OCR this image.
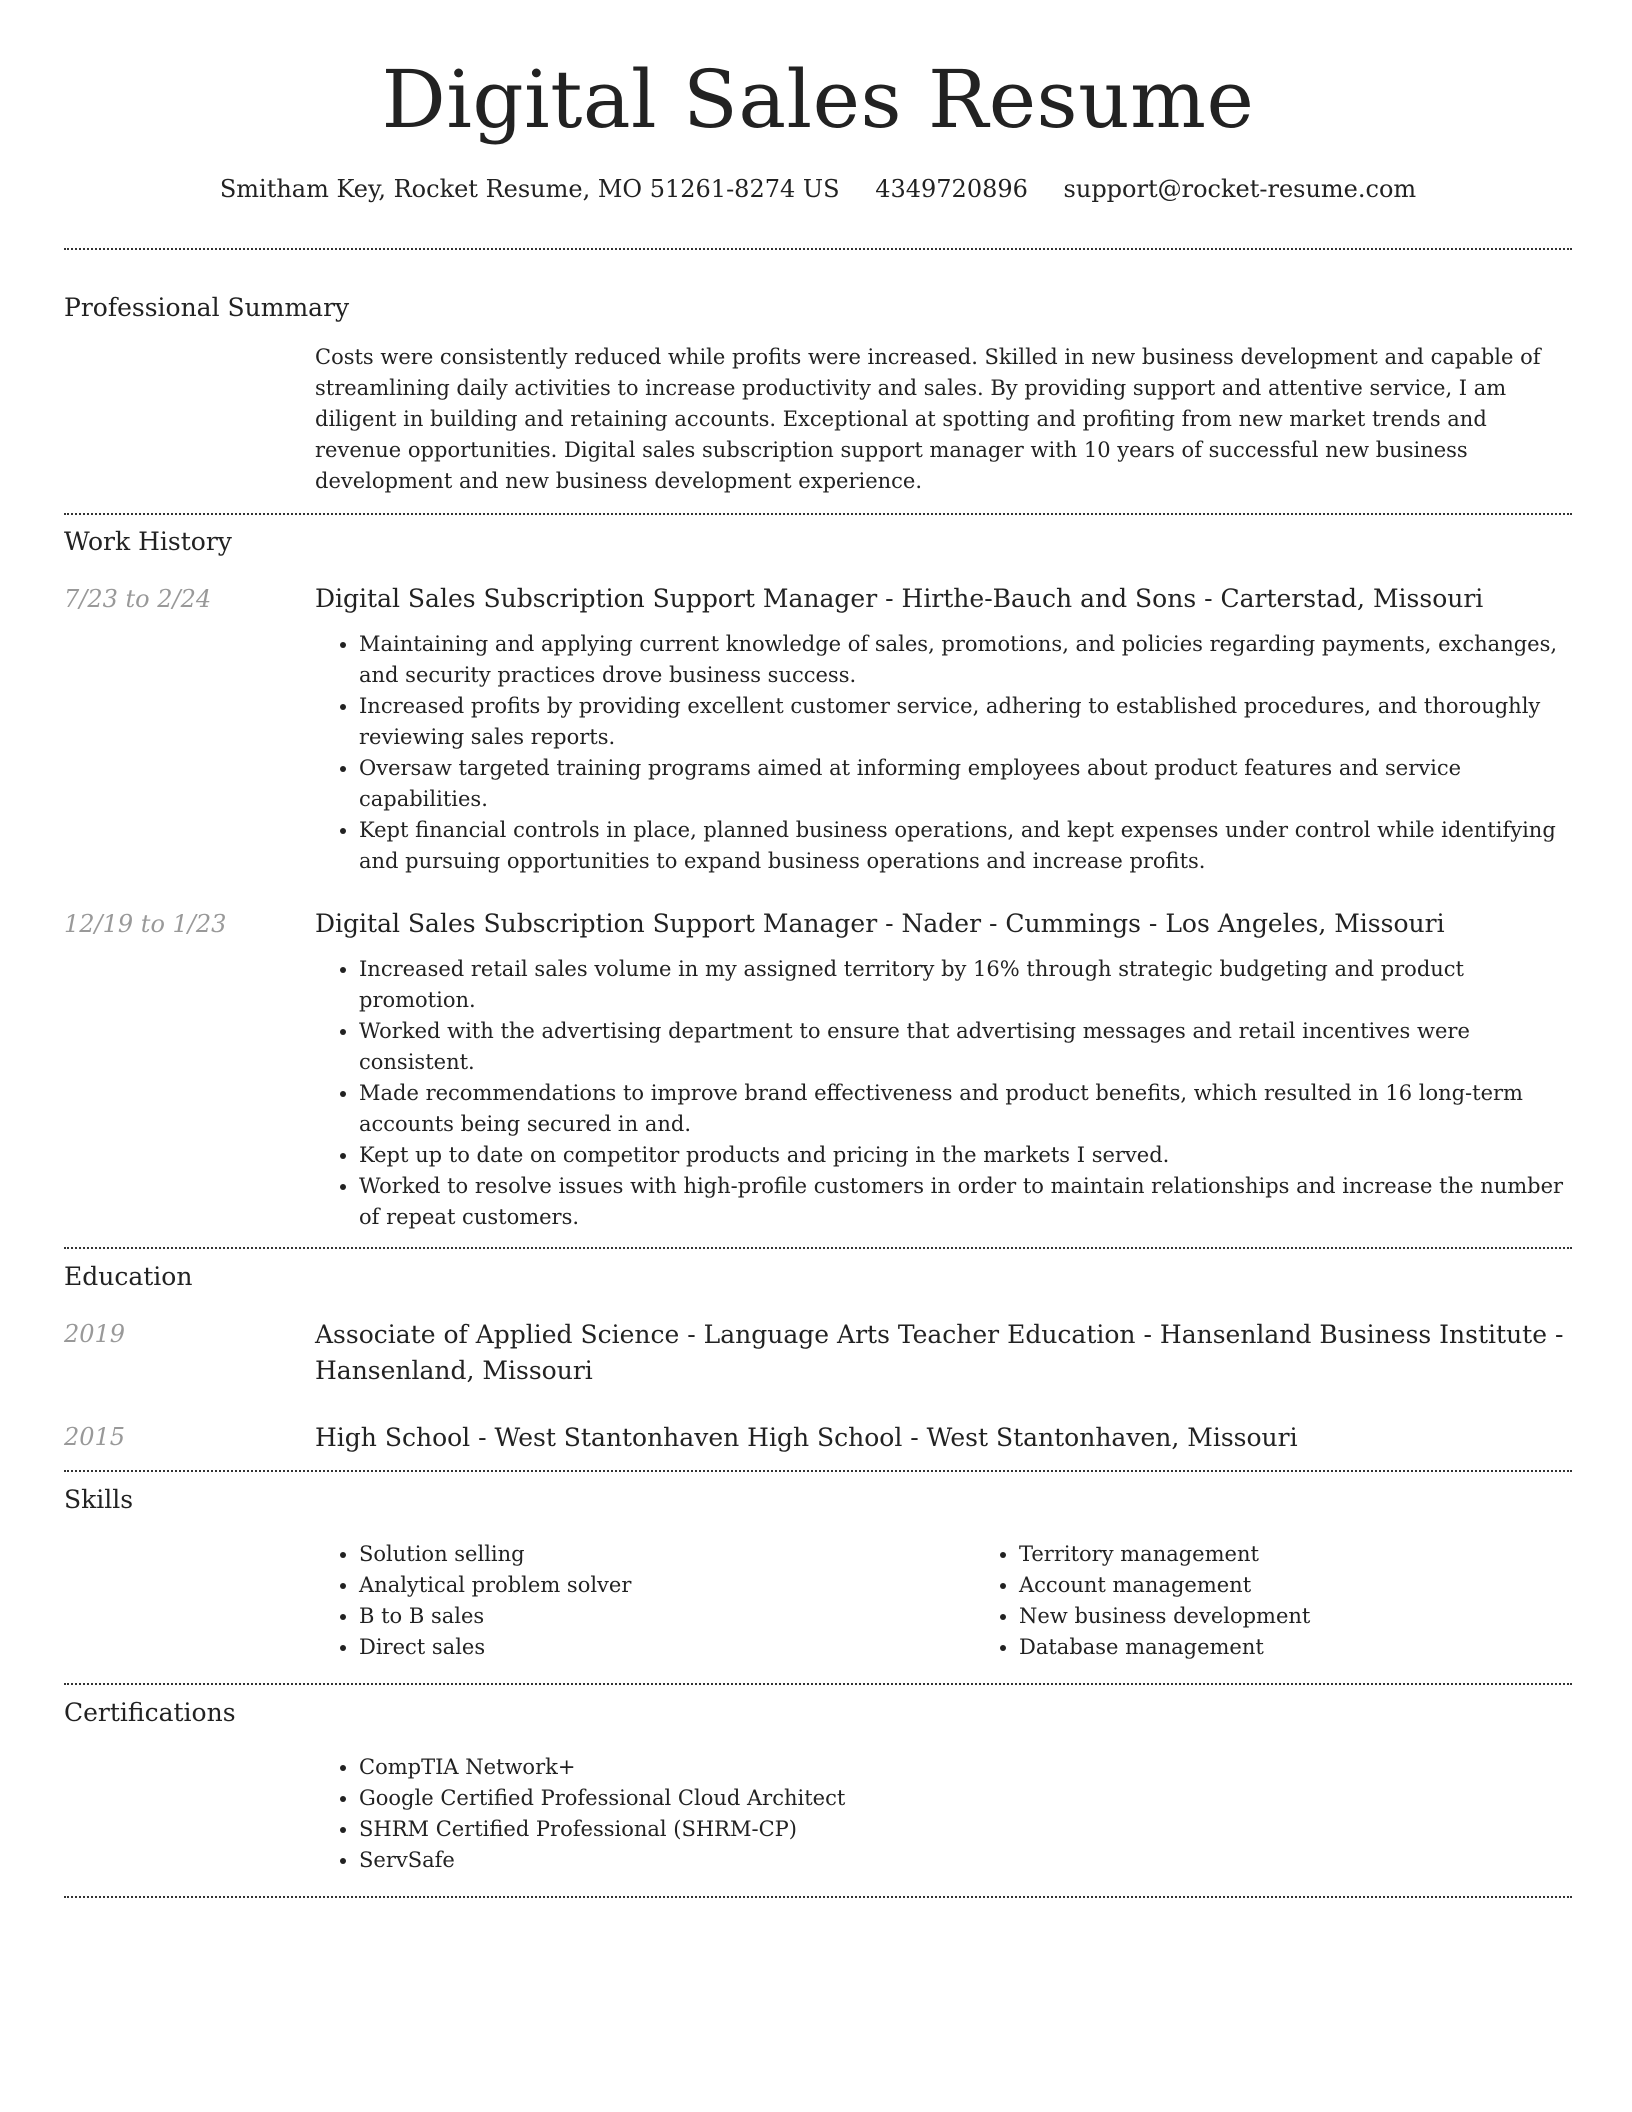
Digital Sales Resume
Smitham Key, Rocket Resume, MO 51261-8274 US 4349720896 support@rocket-resume.com
Professional Summary

Costs were consistently reduced while profits were increased. Skilled in new business development and capable of streamlining daily activities to increase productivity and sales. By providing support and attentive service, I am diligent in building and retaining accounts. Exceptional at spotting and profiting from new market trends and revenue opportunities. Digital sales subscription support manager with 10 years of successful new business development and new business development experience.

Work History
7/23 to 2/24	Digital Sales Subscription Support Manager - Hirthe-Bauch and Sons - Carterstad, Missouri
• Maintaining and applying current knowledge of sales, promotions, and policies regarding payments, exchanges, and security practices drove business success.
• Increased profits by providing excellent customer service, adhering to established procedures, and thoroughly reviewing sales reports.
• Oversaw targeted training programs aimed at informing employees about product features and service capabilities.
• Kept financial controls in place, planned business operations, and kept expenses under control while identifying and pursuing opportunities to expand business operations and increase profits.
12/19 to 1/23	Digital Sales Subscription Support Manager - Nader - Cummings - Los Angeles, Missouri
• Increased retail sales volume in my assigned territory by 16% through strategic budgeting and product promotion.
• Worked with the advertising department to ensure that advertising messages and retail incentives were consistent.
• Made recommendations to improve brand effectiveness and product benefits, which resulted in 16 long-term accounts being secured in and.
• Kept up to date on competitor products and pricing in the markets I served.
• Worked to resolve issues with high-profile customers in order to maintain relationships and increase the number of repeat customers.
Education
2019	Associate of Applied Science - Language Arts Teacher Education - Hansenland Business Institute - Hansenland, Missouri
2015	High School - West Stantonhaven High School - West Stantonhaven, Missouri
Skills
• Solution selling
• Analytical problem solver
• B to B sales
• Direct sales
• Territory management
• Account management
• New business development
• Database management
Certifications
• CompTIA Network+
• Google Certified Professional Cloud Architect
• SHRM Certified Professional (SHRM-CP)
• ServSafe
